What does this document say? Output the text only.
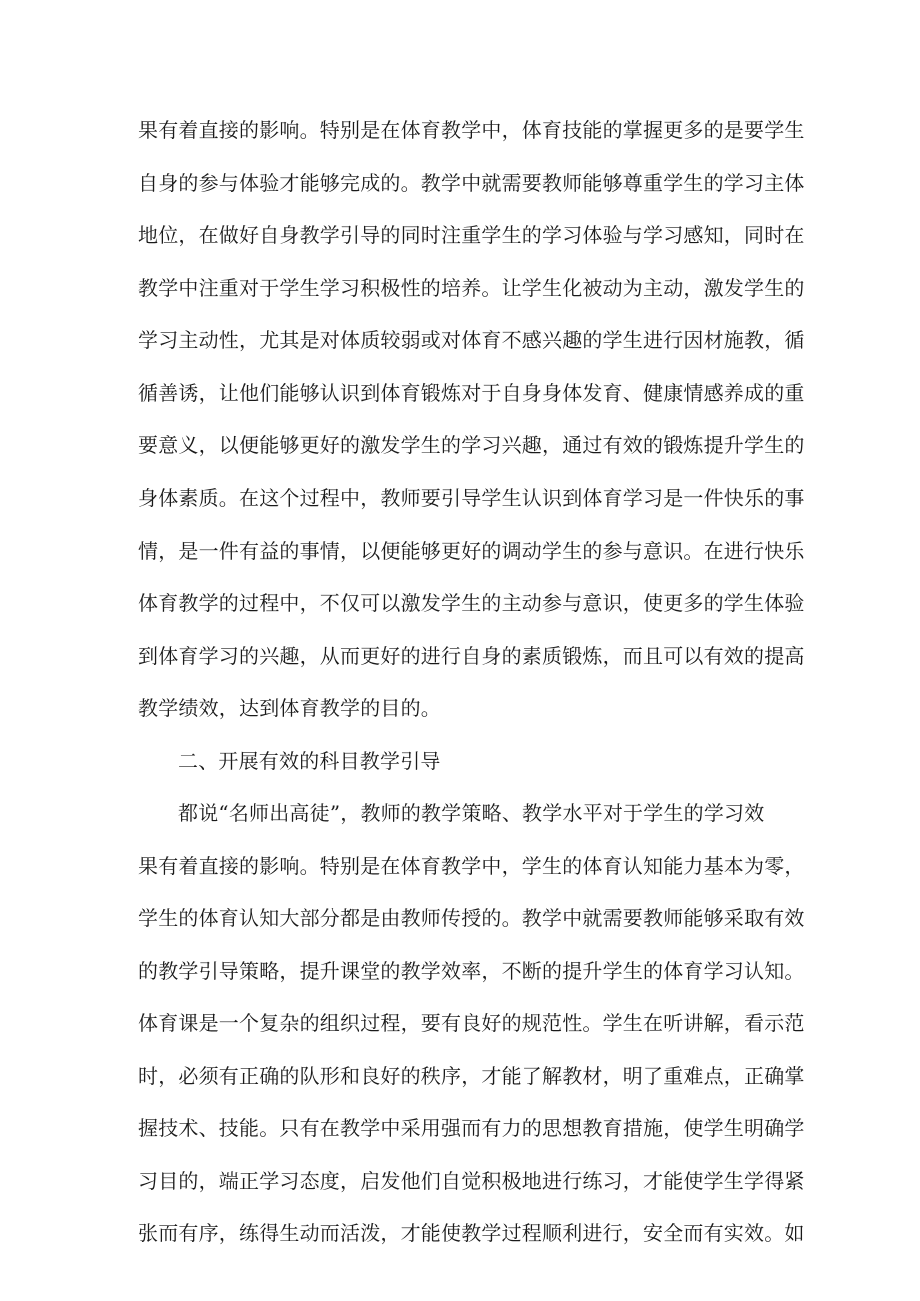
果有着直接的影响。特别是在体育教学中，体育技能的掌握更多的是要学生
自身的参与体验才能够完成的。教学中就需要教师能够尊重学生的学习主体
地位，在做好自身教学引导的同时注重学生的学习体验与学习感知，同时在
教学中注重对于学生学习积极性的培养。让学生化被动为主动，激发学生的
学习主动性，尤其是对体质较弱或对体育不感兴趣的学生进行因材施教，循
循善诱，让他们能够认识到体育锻炼对于自身身体发育、健康情感养成的重
要意义，以便能够更好的激发学生的学习兴趣，通过有效的锻炼提升学生的
身体素质。在这个过程中，教师要引导学生认识到体育学习是一件快乐的事
情，是一件有益的事情，以便能够更好的调动学生的参与意识。在进行快乐
体育教学的过程中，不仅可以激发学生的主动参与意识，使更多的学生体验
到体育学习的兴趣，从而更好的进行自身的素质锻炼，而且可以有效的提高
教学绩效，达到体育教学的目的。
二、开展有效的科目教学引导
都说“名师出高徒”，教师的教学策略、教学水平对于学生的学习效
果有着直接的影响。特别是在体育教学中，学生的体育认知能力基本为零，
学生的体育认知大部分都是由教师传授的。教学中就需要教师能够采取有效
的教学引导策略，提升课堂的教学效率，不断的提升学生的体育学习认知。
体育课是一个复杂的组织过程，要有良好的规范性。学生在听讲解，看示范
时，必须有正确的队形和良好的秩序，才能了解教材，明了重难点，正确掌
握技术、技能。只有在教学中采用强而有力的思想教育措施，使学生明确学
习目的，端正学习态度，启发他们自觉积极地进行练习，才能使学生学得紧
张而有序，练得生动而活泼，才能使教学过程顺利进行，安全而有实效。如
